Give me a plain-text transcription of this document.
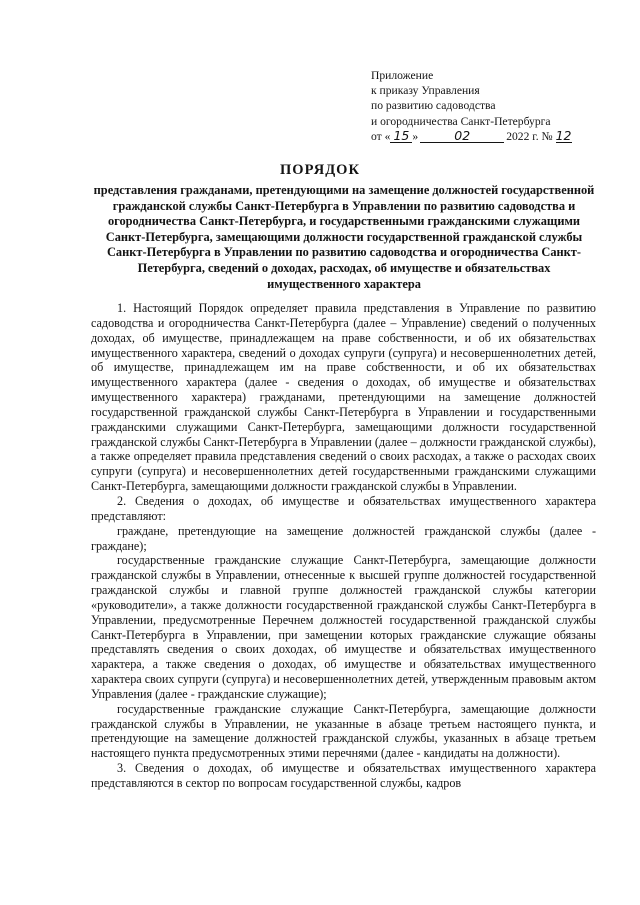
Приложение
к приказу Управления
по развитию садоводства
и огородничества Санкт-Петербурга
от « 15 »	02	2022 г. № 12
ПОРЯДОК
представления гражданами, претендующими на замещение должностей государственной гражданской службы Санкт-Петербурга в Управлении по развитию садоводства и огородничества Санкт-Петербурга, и государственными гражданскими служащими Санкт-Петербурга, замещающими должности государственной гражданской службы Санкт-Петербурга в Управлении по развитию садоводства и огородничества Санкт-Петербурга, сведений о доходах, расходах, об имуществе и обязательствах имущественного характера

1. Настоящий Порядок определяет правила представления в Управление по развитию садоводства и огородничества Санкт-Петербурга (далее – Управление) сведений о полученных доходах, об имуществе, принадлежащем на праве собственности, и об их обязательствах имущественного характера, сведений о доходах супруги (супруга) и несовершеннолетних детей, об имуществе, принадлежащем им на праве собственности, и об их обязательствах имущественного характера (далее - сведения о доходах, об имуществе и обязательствах имущественного характера) гражданами, претендующими на замещение должностей государственной гражданской службы Санкт-Петербурга в Управлении и государственными гражданскими служащими Санкт-Петербурга, замещающими должности государственной гражданской службы Санкт-Петербурга в Управлении (далее – должности гражданской службы), а также определяет правила представления сведений о своих расходах, а также о расходах своих супруги (супруга) и несовершеннолетних детей государственными гражданскими служащими Санкт-Петербурга, замещающими должности гражданской службы в Управлении.

2. Сведения о доходах, об имуществе и обязательствах имущественного характера представляют:

граждане, претендующие на замещение должностей гражданской службы (далее - граждане);

государственные гражданские служащие Санкт-Петербурга, замещающие должности гражданской службы в Управлении, отнесенные к высшей группе должностей государственной гражданской службы и главной группе должностей гражданской службы категории «руководители», а также должности государственной гражданской службы Санкт-Петербурга в Управлении, предусмотренные Перечнем должностей государственной гражданской службы Санкт-Петербурга в Управлении, при замещении которых гражданские служащие обязаны представлять сведения о своих доходах, об имуществе и обязательствах имущественного характера, а также сведения о доходах, об имуществе и обязательствах имущественного характера своих супруги (супруга) и несовершеннолетних детей, утвержденным правовым актом Управления (далее - гражданские служащие);

государственные гражданские служащие Санкт-Петербурга, замещающие должности гражданской службы в Управлении, не указанные в абзаце третьем настоящего пункта, и претендующие на замещение должностей гражданской службы, указанных в абзаце третьем настоящего пункта предусмотренных этими перечнями (далее - кандидаты на должности).

3. Сведения о доходах, об имуществе и обязательствах имущественного характера представляются в сектор по вопросам государственной службы, кадров
